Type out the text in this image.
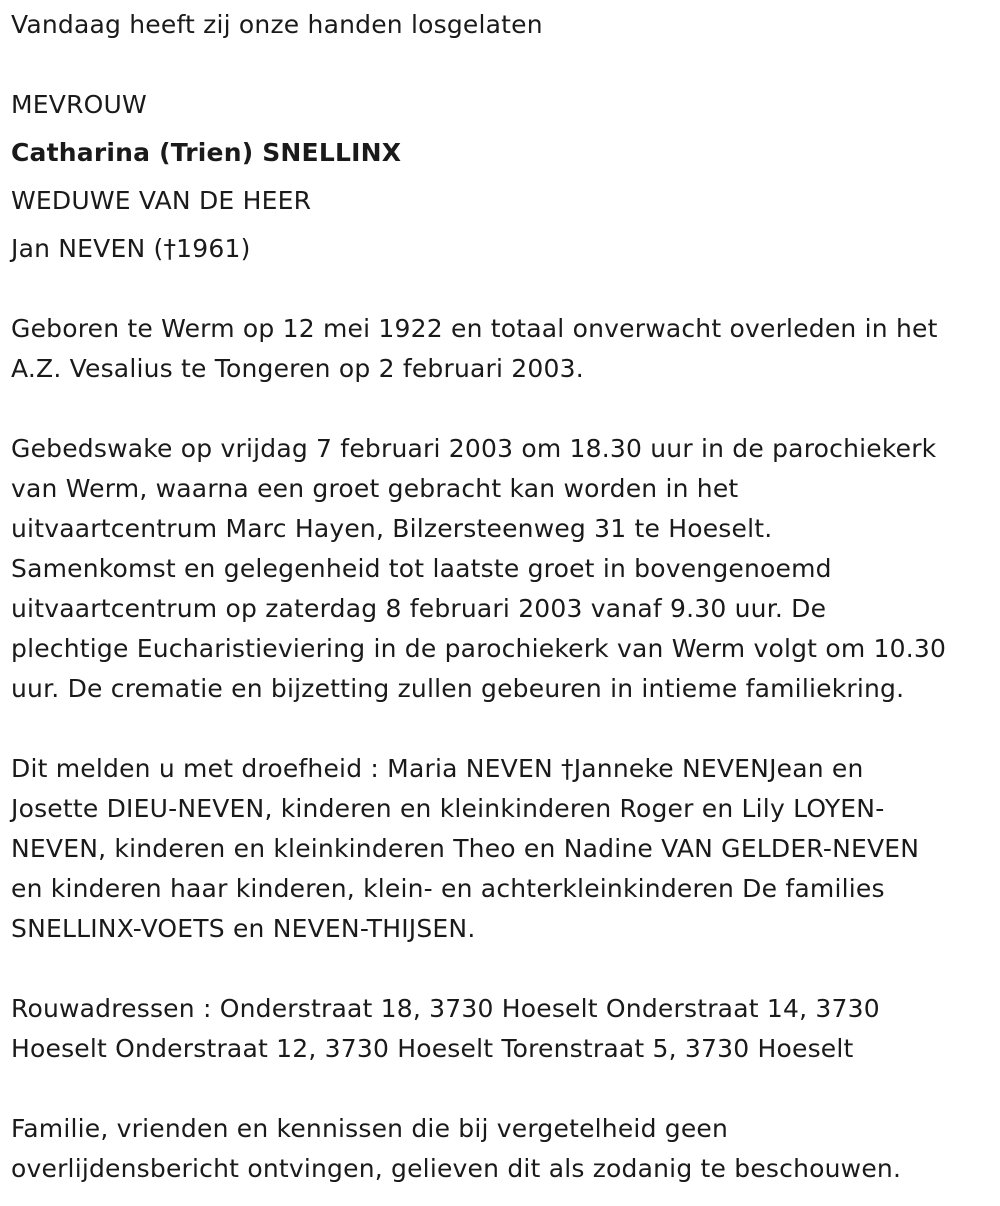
Vandaag heeft zij onze handen losgelaten
MEVROUW
Catharina (Trien) SNELLINX
WEDUWE VAN DE HEER
Jan NEVEN (†1961)
Geboren te Werm op 12 mei 1922 en totaal onverwacht overleden in het
A.Z. Vesalius te Tongeren op 2 februari 2003.
Gebedswake op vrijdag 7 februari 2003 om 18.30 uur in de parochiekerk
van Werm, waarna een groet gebracht kan worden in het
uitvaartcentrum Marc Hayen, Bilzersteenweg 31 te Hoeselt.
Samenkomst en gelegenheid tot laatste groet in bovengenoemd
uitvaartcentrum op zaterdag 8 februari 2003 vanaf 9.30 uur. De
plechtige Eucharistieviering in de parochiekerk van Werm volgt om 10.30
uur. De crematie en bijzetting zullen gebeuren in intieme familiekring.
Dit melden u met droefheid : Maria NEVEN †Janneke NEVENJean en
Josette DIEU-NEVEN, kinderen en kleinkinderen Roger en Lily LOYEN-
NEVEN, kinderen en kleinkinderen Theo en Nadine VAN GELDER-NEVEN
en kinderen haar kinderen, klein- en achterkleinkinderen De families
SNELLINX-VOETS en NEVEN-THIJSEN.
Rouwadressen : Onderstraat 18, 3730 Hoeselt Onderstraat 14, 3730
Hoeselt Onderstraat 12, 3730 Hoeselt Torenstraat 5, 3730 Hoeselt
Familie, vrienden en kennissen die bij vergetelheid geen
overlijdensbericht ontvingen, gelieven dit als zodanig te beschouwen.
